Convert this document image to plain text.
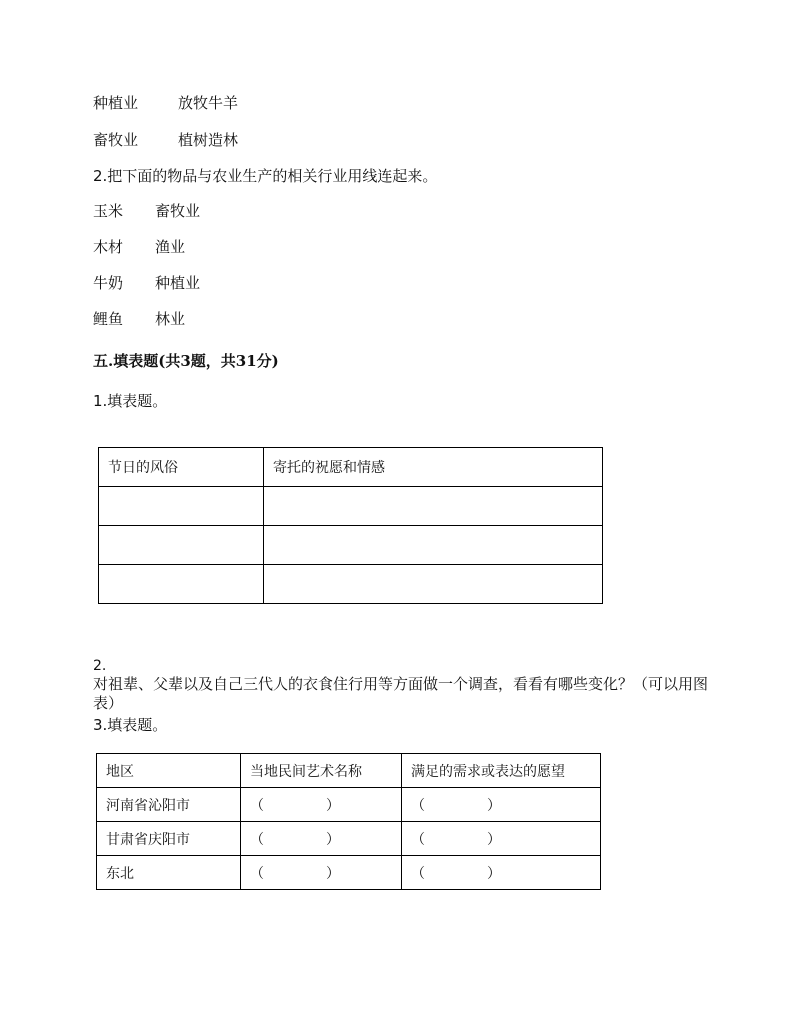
种植业	放牧牛羊
畜牧业	植树造林
2.把下面的物品与农业生产的相关行业用线连起来。
玉米 畜牧业
木材 渔业
牛奶 种植业
鲤鱼 林业
五.填表题(共3题，共31分)
1.填表题。
节日的风俗	寄托的祝愿和情感

2.
对祖辈、父辈以及自己三代人的衣食住行用等方面做一个调查，看看有哪些变化？（可以用图表）
3.填表题。
地区	当地民间艺术名称	满足的需求或表达的愿望
河南省沁阳市	（ ）	（ ）
甘肃省庆阳市	（ ）	（ ）
东北	（ ）	（ ）
